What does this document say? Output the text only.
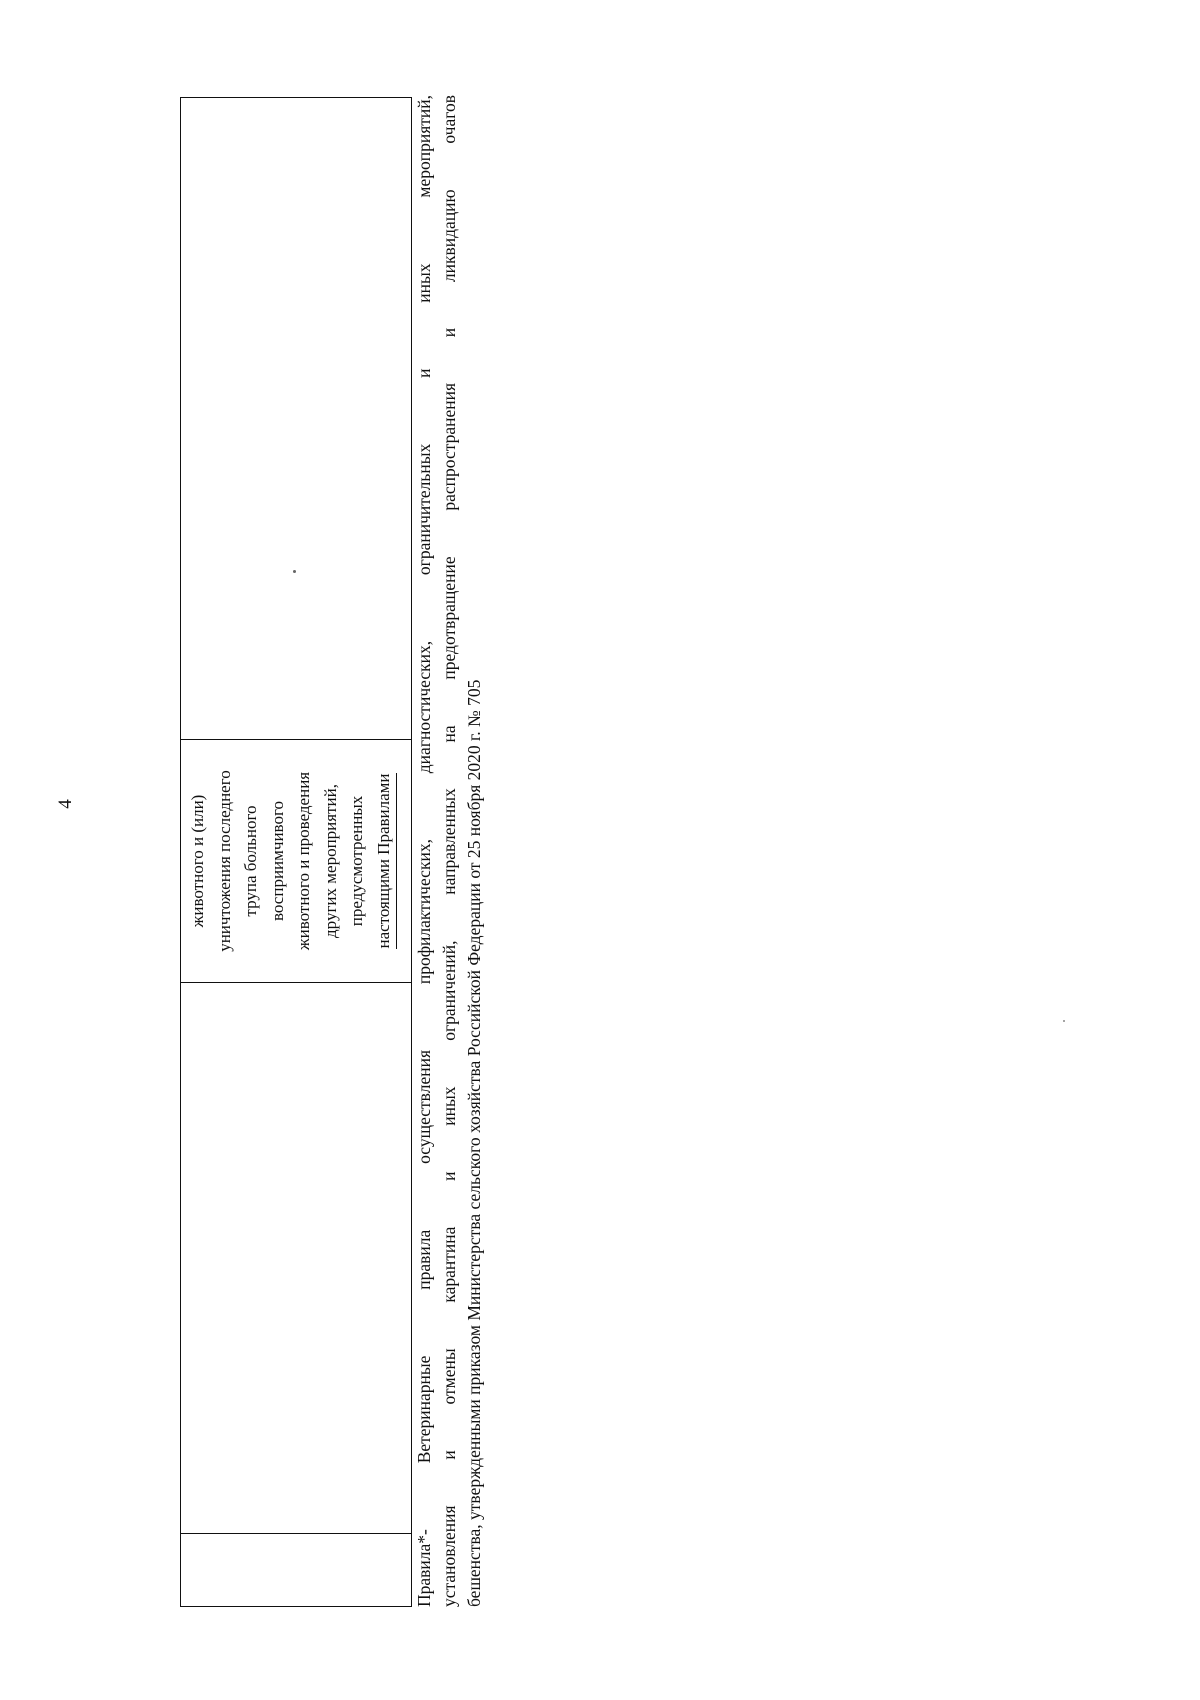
4	животного и (или) уничтожения последнего трупа больного восприимчивого животного и проведения других мероприятий, предусмотренных настоящими Правилами Правила*- Ветеринарные правила осуществления профилактических, диагностических, ограничительных и иных мероприятий, установления и отмены карантина и иных ограничений, направленных на предотвращение распространения и ликвидацию очагов бешенства, утвержденными приказом Министерства сельского хозяйства Российской Федерации от 25 ноября 2020 г. № 705
